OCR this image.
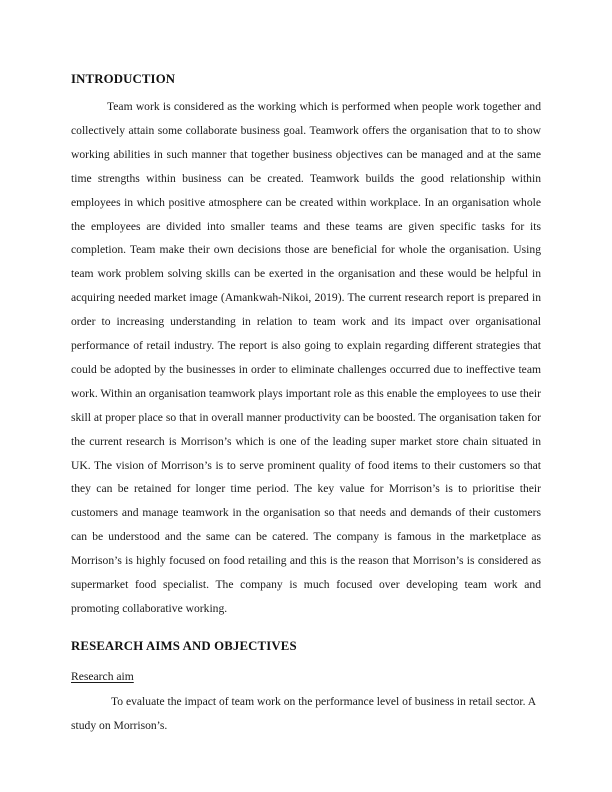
INTRODUCTION

Team work is considered as the working which is performed when people work together and collectively attain some collaborate business goal. Teamwork offers the organisation that to to show working abilities in such manner that together business objectives can be managed and at the same time strengths within business can be created. Teamwork builds the good relationship within employees in which positive atmosphere can be created within workplace. In an organisation whole the employees are divided into smaller teams and these teams are given specific tasks for its completion. Team make their own decisions those are beneficial for whole the organisation. Using team work problem solving skills can be exerted in the organisation and these would be helpful in acquiring needed market image (Amankwah-Nikoi, 2019). The current research report is prepared in order to increasing understanding in relation to team work and its impact over organisational performance of retail industry. The report is also going to explain regarding different strategies that could be adopted by the businesses in order to eliminate challenges occurred due to ineffective team work. Within an organisation teamwork plays important role as this enable the employees to use their skill at proper place so that in overall manner productivity can be boosted. The organisation taken for the current research is Morrison’s which is one of the leading super market store chain situated in UK. The vision of Morrison’s is to serve prominent quality of food items to their customers so that they can be retained for longer time period. The key value for Morrison’s is to prioritise their customers and manage teamwork in the organisation so that needs and demands of their customers can be understood and the same can be catered. The company is famous in the marketplace as Morrison’s is highly focused on food retailing and this is the reason that Morrison’s is considered as supermarket food specialist. The company is much focused over developing team work and promoting collaborative working.

RESEARCH AIMS AND OBJECTIVES
Research aim

To evaluate the impact of team work on the performance level of business in retail sector. A study on Morrison’s.
